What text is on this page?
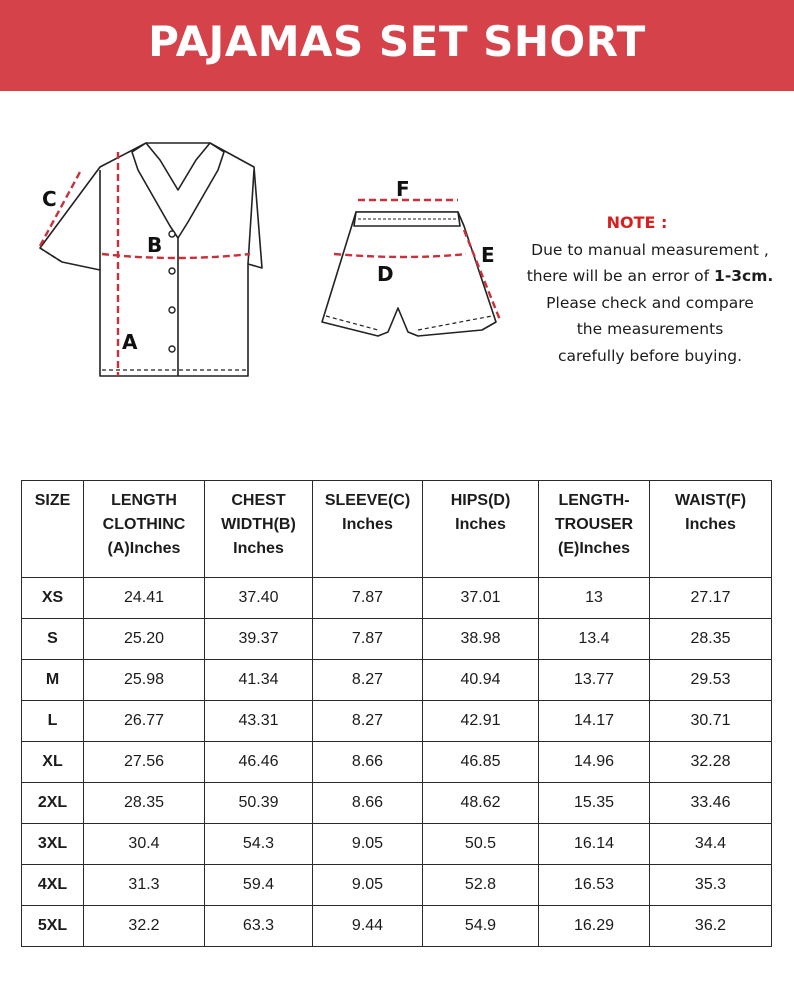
PAJAMAS SET SHORT
A
B
C
D
E
F
NOTE :
Due to manual measurement ,
there will be an error of 1-3cm.
Please check and compare
the measurements
carefully before buying.
SIZE	LENGTH
CLOTHINC
(A)Inches	CHEST
WIDTH(B)
Inches	SLEEVE(C)
Inches	HIPS(D)
Inches	LENGTH-
TROUSER
(E)Inches	WAIST(F)
Inches
XS	24.41	37.40	7.87	37.01	13	27.17
S	25.20	39.37	7.87	38.98	13.4	28.35
M	25.98	41.34	8.27	40.94	13.77	29.53
L	26.77	43.31	8.27	42.91	14.17	30.71
XL	27.56	46.46	8.66	46.85	14.96	32.28
2XL	28.35	50.39	8.66	48.62	15.35	33.46
3XL	30.4	54.3	9.05	50.5	16.14	34.4
4XL	31.3	59.4	9.05	52.8	16.53	35.3
5XL	32.2	63.3	9.44	54.9	16.29	36.2
